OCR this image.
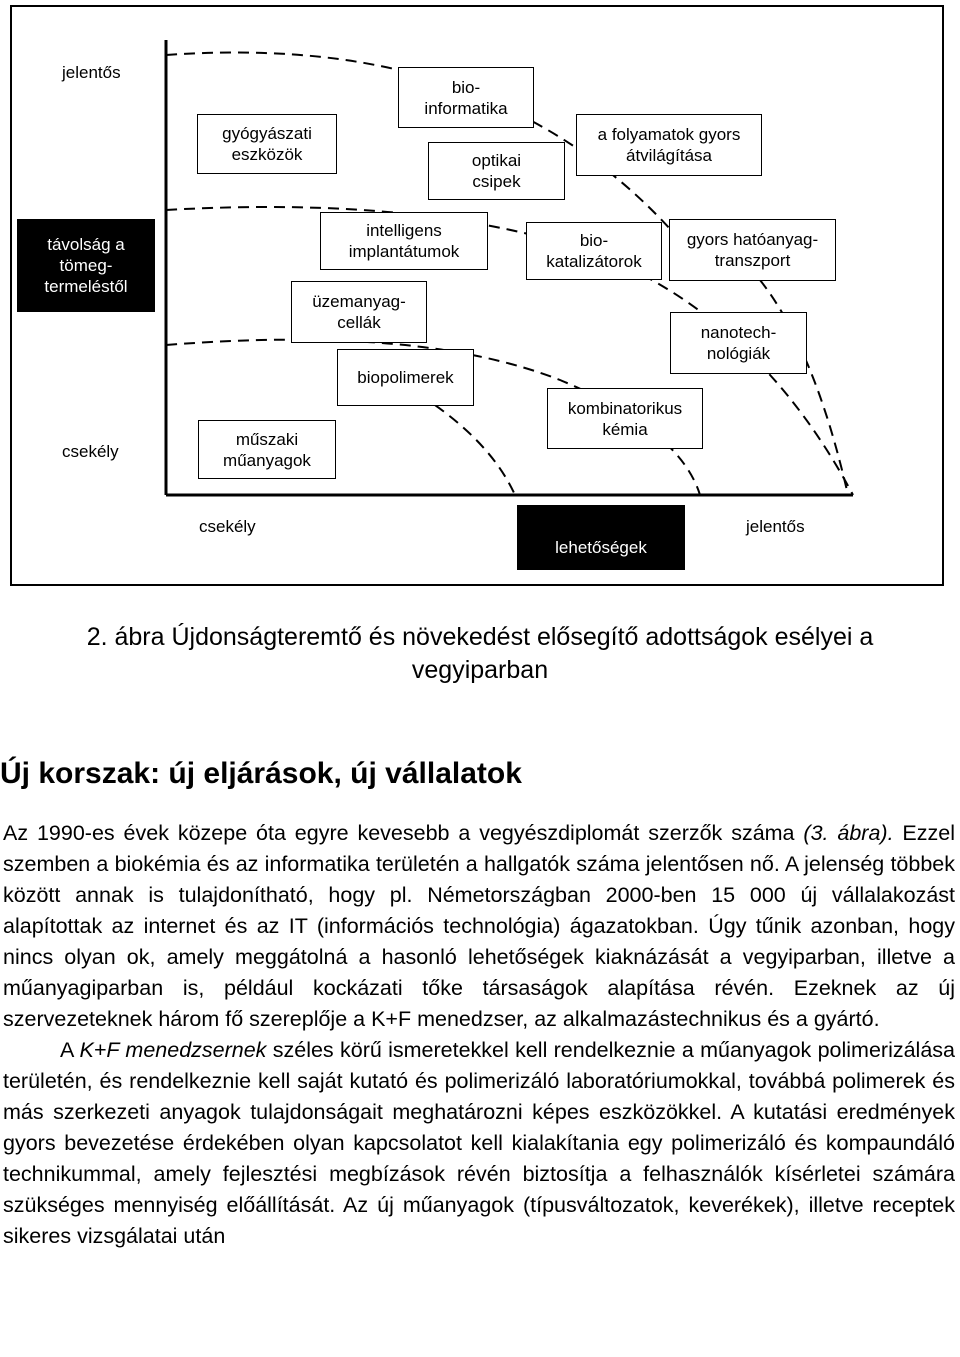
jelentős
csekély
távolság a
tömeg-
termeléstől
csekély
lehetőségek
jelentős
gyógyászati
eszközök
bio-
informatika
optikai
csipek
a folyamatok gyors
átvilágítása
intelligens
implantátumok
bio-
katalizátorok
gyors hatóanyag-
transzport
üzemanyag-
cellák
nanotech-
nológiák
biopolimerek
kombinatorikus
kémia
műszaki
műanyagok
2. ábra Újdonságteremtő és növekedést elősegítő adottságok esélyei a vegyiparban
Új korszak: új eljárások, új vállalatok

Az 1990-es évek közepe óta egyre kevesebb a vegyészdiplomát szerzők száma (3. ábra). Ezzel szemben a biokémia és az informatika területén a hallgatók száma jelentősen nő. A jelenség többek között annak is tulajdonítható, hogy pl. Németországban 2000-ben 15 000 új vállalakozást alapítottak az internet és az IT (információs technológia) ágazatokban. Úgy tűnik azonban, hogy nincs olyan ok, amely meggátolná a hasonló lehetőségek kiaknázását a vegyiparban, illetve a műanyagiparban is, például kockázati tőke társaságok alapítása révén. Ezeknek az új szervezeteknek három fő szereplője a K+F menedzser, az alkalmazástechnikus és a gyártó.

A K+F menedzsernek széles körű ismeretekkel kell rendelkeznie a műanyagok polimerizálása területén, és rendelkeznie kell saját kutató és polimerizáló laboratóriumokkal, továbbá polimerek és más szerkezeti anyagok tulajdonságait meghatározni képes eszközökkel. A kutatási eredmények gyors bevezetése érdekében olyan kapcsolatot kell kialakítania egy polimerizáló és kompaundáló technikummal, amely fejlesztési megbízások révén biztosítja a felhasználók kísérletei számára szükséges mennyiség előállítását. Az új műanyagok (típusváltozatok, keverékek), illetve receptek sikeres vizsgálatai után
